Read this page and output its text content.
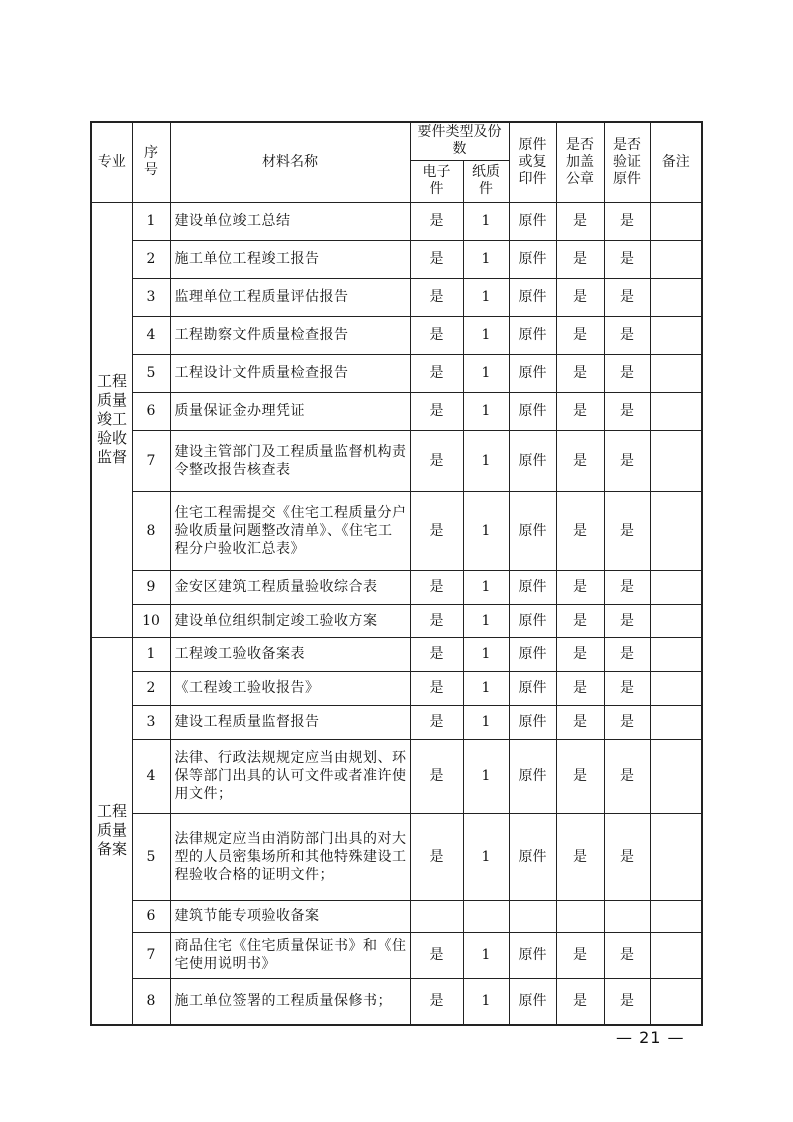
专业	序号	材料名称	要件类型及份数		原件或复印件	是否加盖公章	是否验证原件	备注

			电子件	纸质件				

工程质量竣工验收监督	1	建设单位竣工总结	是	1	原件	是	是	
	2	施工单位工程竣工报告	是	1	原件	是	是	
	3	监理单位工程质量评估报告	是	1	原件	是	是	
	4	工程勘察文件质量检查报告	是	1	原件	是	是	
	5	工程设计文件质量检查报告	是	1	原件	是	是	
	6	质量保证金办理凭证	是	1	原件	是	是	
	7	建设主管部门及工程质量监督机构责令整改报告核查表	是	1	原件	是	是	
	8	住宅工程需提交《住宅工程质量分户验收质量问题整改清单》、《住宅工程分户验收汇总表》	是	1	原件	是	是	
	9	金安区建筑工程质量验收综合表	是	1	原件	是	是	
	10	建设单位组织制定竣工验收方案	是	1	原件	是	是	

工程质量备案	1	工程竣工验收备案表	是	1	原件	是	是	
	2	《工程竣工验收报告》	是	1	原件	是	是	
	3	建设工程质量监督报告	是	1	原件	是	是	
	4	法律、行政法规规定应当由规划、环保等部门出具的认可文件或者准许使用文件；	是	1	原件	是	是	
	5	法律规定应当由消防部门出具的对大型的人员密集场所和其他特殊建设工程验收合格的证明文件；	是	1	原件	是	是	
	6	建筑节能专项验收备案						
	7	商品住宅《住宅质量保证书》和《住宅使用说明书》	是	1	原件	是	是	
	8	施工单位签署的工程质量保修书；	是	1	原件	是	是	
— 21 —
